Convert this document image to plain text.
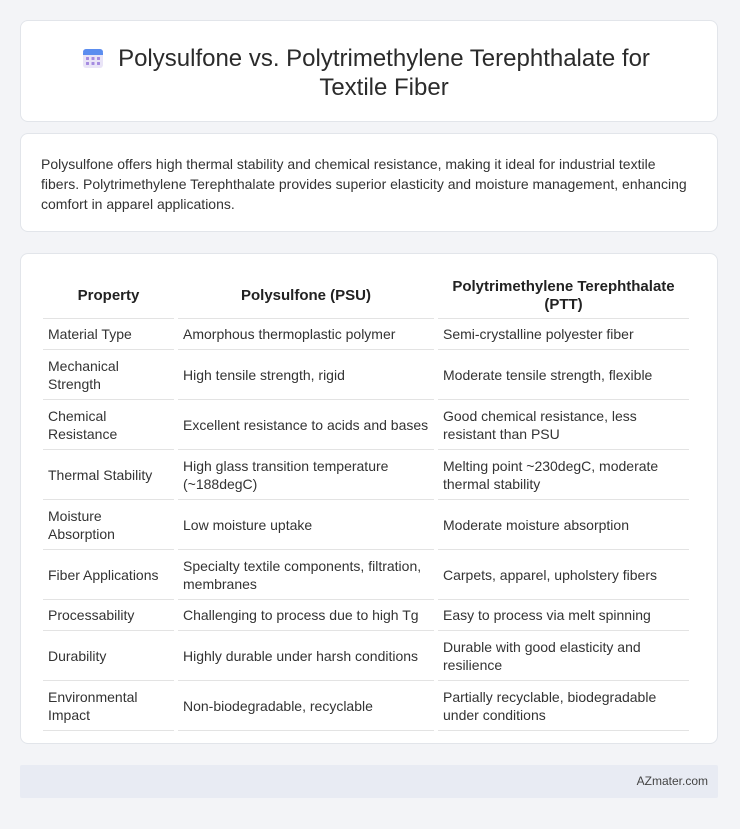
Polysulfone vs. Polytrimethylene Terephthalate for Textile Fiber

Polysulfone offers high thermal stability and chemical resistance, making it ideal for industrial textile fibers. Polytrimethylene Terephthalate provides superior elasticity and moisture management, enhancing comfort in apparel applications.

Property	Polysulfone (PSU)	Polytrimethylene Terephthalate (PTT)
Material Type	Amorphous thermoplastic polymer	Semi-crystalline polyester fiber
Mechanical Strength	High tensile strength, rigid	Moderate tensile strength, flexible
Chemical Resistance	Excellent resistance to acids and bases	Good chemical resistance, less resistant than PSU
Thermal Stability	High glass transition temperature (~188degC)	Melting point ~230degC, moderate thermal stability
Moisture Absorption	Low moisture uptake	Moderate moisture absorption
Fiber Applications	Specialty textile components, filtration, membranes	Carpets, apparel, upholstery fibers
Processability	Challenging to process due to high Tg	Easy to process via melt spinning
Durability	Highly durable under harsh conditions	Durable with good elasticity and resilience
Environmental Impact	Non-biodegradable, recyclable	Partially recyclable, biodegradable under conditions
AZmater.com
